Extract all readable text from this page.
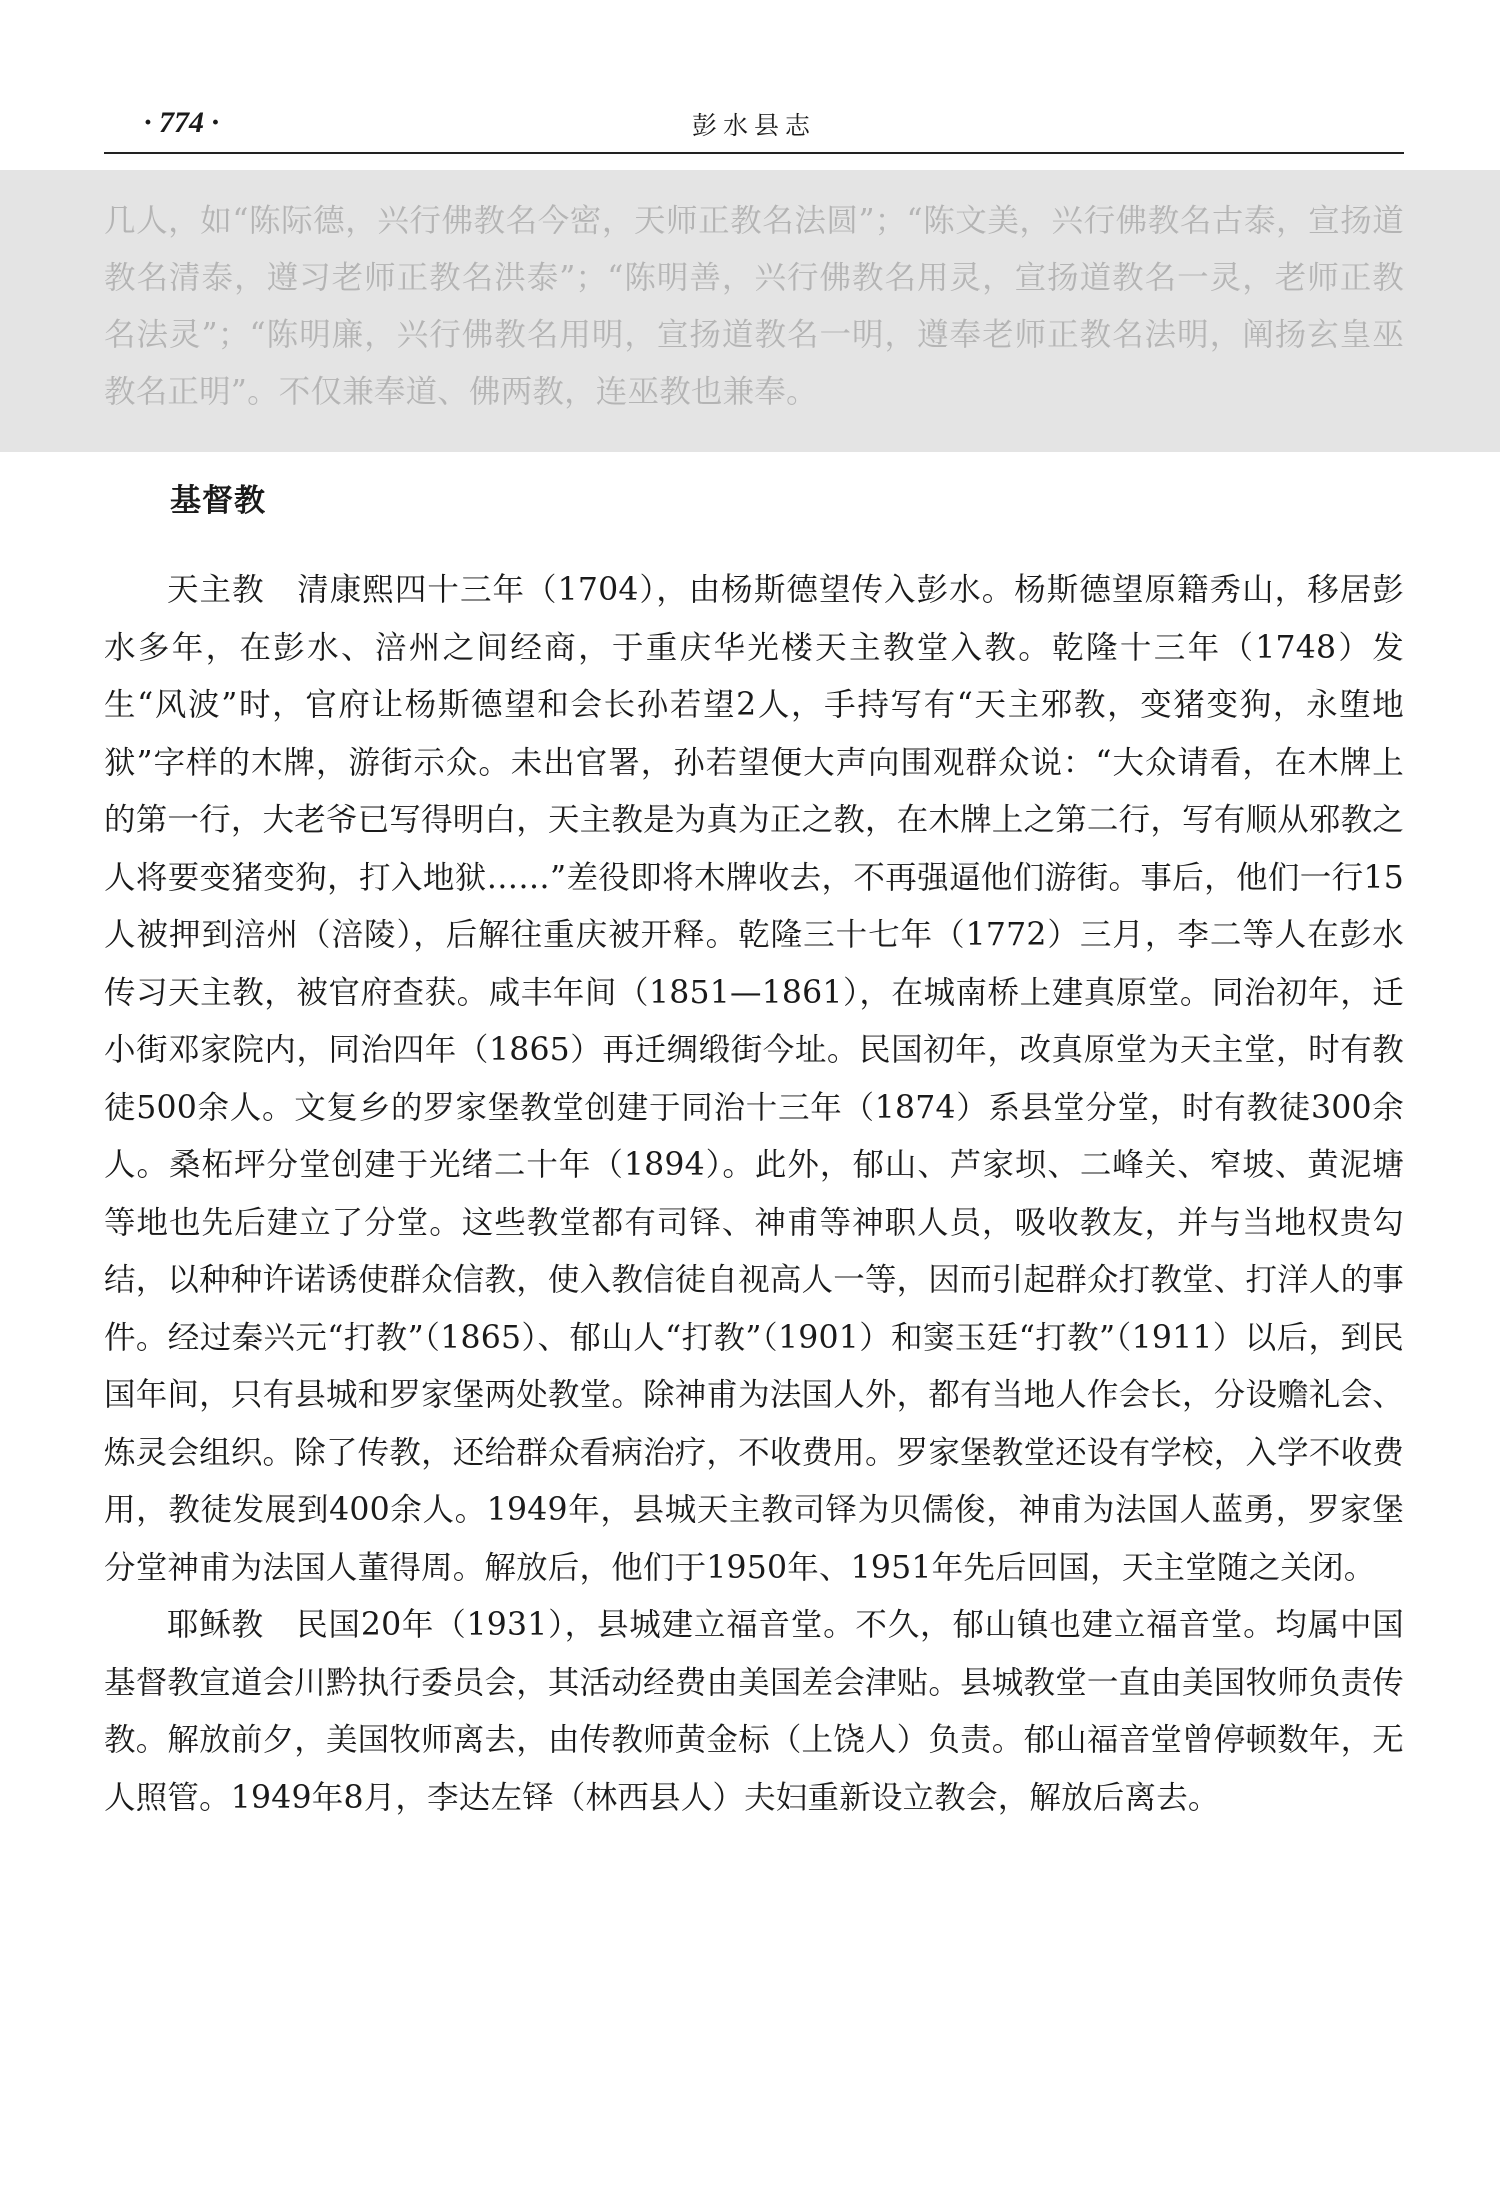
· 774 ·	彭水县志
几人，如“陈际德，兴行佛教名今密，天师正教名法圆”；“陈文美，兴行佛教名古泰，宣扬道教名清泰，遵习老师正教名洪泰”；“陈明善，兴行佛教名用灵，宣扬道教名一灵，老师正教名法灵”；“陈明廉，兴行佛教名用明，宣扬道教名一明，遵奉老师正教名法明，阐扬玄皇巫教名正明”。不仅兼奉道、佛两教，连巫教也兼奉。
基督教

天主教  清康熙四十三年（1704），由杨斯德望传入彭水。杨斯德望原籍秀山，移居彭水多年，在彭水、涪州之间经商，于重庆华光楼天主教堂入教。乾隆十三年（1748）发生“风波”时，官府让杨斯德望和会长孙若望2人，手持写有“天主邪教，变猪变狗，永堕地狱”字样的木牌，游街示众。未出官署，孙若望便大声向围观群众说：“大众请看，在木牌上的第一行，大老爷已写得明白，天主教是为真为正之教，在木牌上之第二行，写有顺从邪教之人将要变猪变狗，打入地狱……”差役即将木牌收去，不再强逼他们游街。事后，他们一行15人被押到涪州（涪陵），后解往重庆被开释。乾隆三十七年（1772）三月，李二等人在彭水传习天主教，被官府查获。咸丰年间（1851—1861），在城南桥上建真原堂。同治初年，迁小街邓家院内，同治四年（1865）再迁绸缎街今址。民国初年，改真原堂为天主堂，时有教徒500余人。文复乡的罗家堡教堂创建于同治十三年（1874）系县堂分堂，时有教徒300余人。桑柘坪分堂创建于光绪二十年（1894）。此外，郁山、芦家坝、二峰关、窄坡、黄泥塘等地也先后建立了分堂。这些教堂都有司铎、神甫等神职人员，吸收教友，并与当地权贵勾结，以种种许诺诱使群众信教，使入教信徒自视高人一等，因而引起群众打教堂、打洋人的事件。经过秦兴元“打教”（1865）、郁山人“打教”（1901）和窦玉廷“打教”（1911）以后，到民国年间，只有县城和罗家堡两处教堂。除神甫为法国人外，都有当地人作会长，分设赡礼会、炼灵会组织。除了传教，还给群众看病治疗，不收费用。罗家堡教堂还设有学校，入学不收费用，教徒发展到400余人。1949年，县城天主教司铎为贝儒俊，神甫为法国人蓝勇，罗家堡分堂神甫为法国人董得周。解放后，他们于1950年、1951年先后回国，天主堂随之关闭。

耶稣教  民国20年（1931），县城建立福音堂。不久，郁山镇也建立福音堂。均属中国基督教宣道会川黔执行委员会，其活动经费由美国差会津贴。县城教堂一直由美国牧师负责传教。解放前夕，美国牧师离去，由传教师黄金标（上饶人）负责。郁山福音堂曾停顿数年，无人照管。1949年8月，李达左铎（林西县人）夫妇重新设立教会，解放后离去。
